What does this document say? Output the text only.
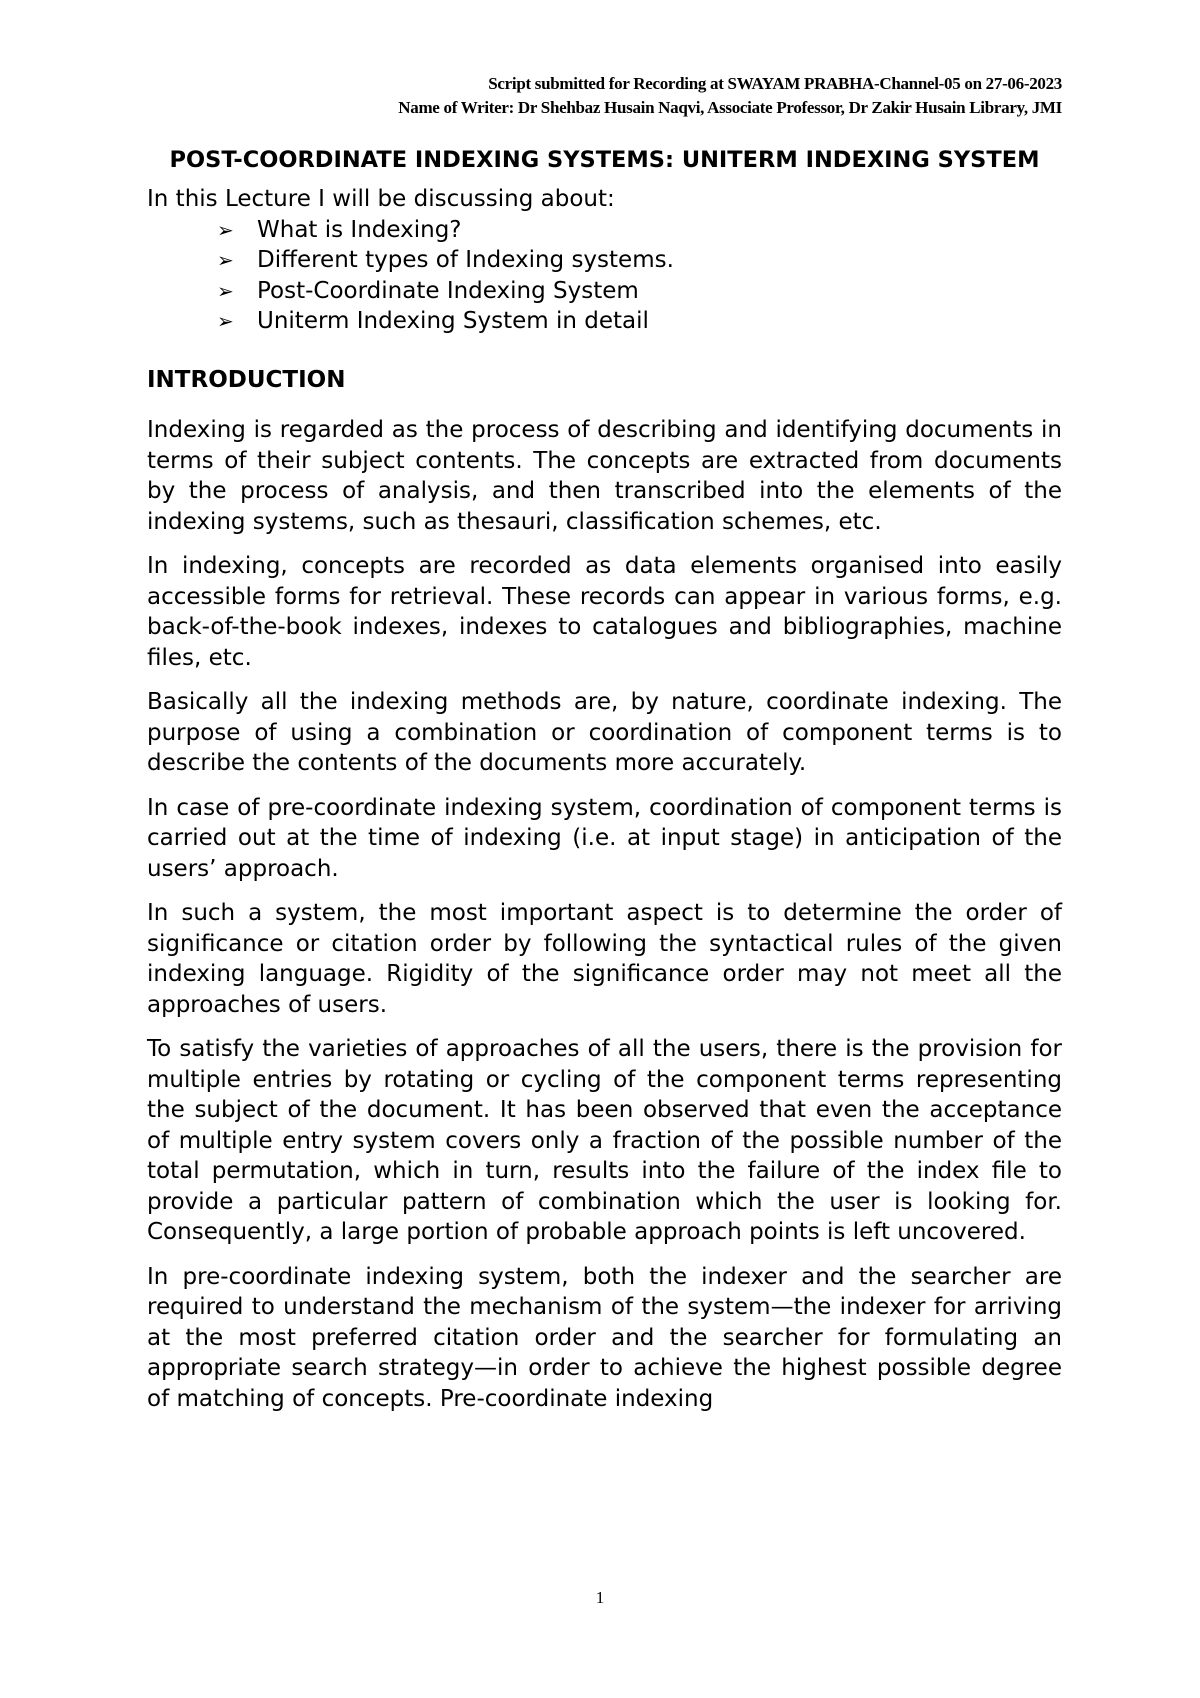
Script submitted for Recording at SWAYAM PRABHA-Channel-05 on 27-06-2023
Name of Writer: Dr Shehbaz Husain Naqvi, Associate Professor, Dr Zakir Husain Library, JMI
POST-COORDINATE INDEXING SYSTEMS: UNITERM INDEXING SYSTEM

In this Lecture I will be discussing about:

➢ What is Indexing?
➢ Different types of Indexing systems.
➢ Post-Coordinate Indexing System
➢ Uniterm Indexing System in detail
INTRODUCTION

Indexing is regarded as the process of describing and identifying documents in terms of their subject contents. The concepts are extracted from documents by the process of analysis, and then transcribed into the elements of the indexing systems, such as thesauri, classification schemes, etc.

In indexing, concepts are recorded as data elements organised into easily accessible forms for retrieval. These records can appear in various forms, e.g. back-of-the-book indexes, indexes to catalogues and bibliographies, machine files, etc.

Basically all the indexing methods are, by nature, coordinate indexing. The purpose of using a combination or coordination of component terms is to describe the contents of the documents more accurately.

In case of pre-coordinate indexing system, coordination of component terms is carried out at the time of indexing (i.e. at input stage) in anticipation of the users’ approach.

In such a system, the most important aspect is to determine the order of significance or citation order by following the syntactical rules of the given indexing language. Rigidity of the significance order may not meet all the approaches of users.

To satisfy the varieties of approaches of all the users, there is the provision for multiple entries by rotating or cycling of the component terms representing the subject of the document. It has been observed that even the acceptance of multiple entry system covers only a fraction of the possible number of the total permutation, which in turn, results into the failure of the index file to provide a particular pattern of combination which the user is looking for. Consequently, a large portion of probable approach points is left uncovered.

In pre-coordinate indexing system, both the indexer and the searcher are required to understand the mechanism of the system—the indexer for arriving at the most preferred citation order and the searcher for formulating an appropriate search strategy—in order to achieve the highest possible degree of matching of concepts. Pre-coordinate indexing

1
